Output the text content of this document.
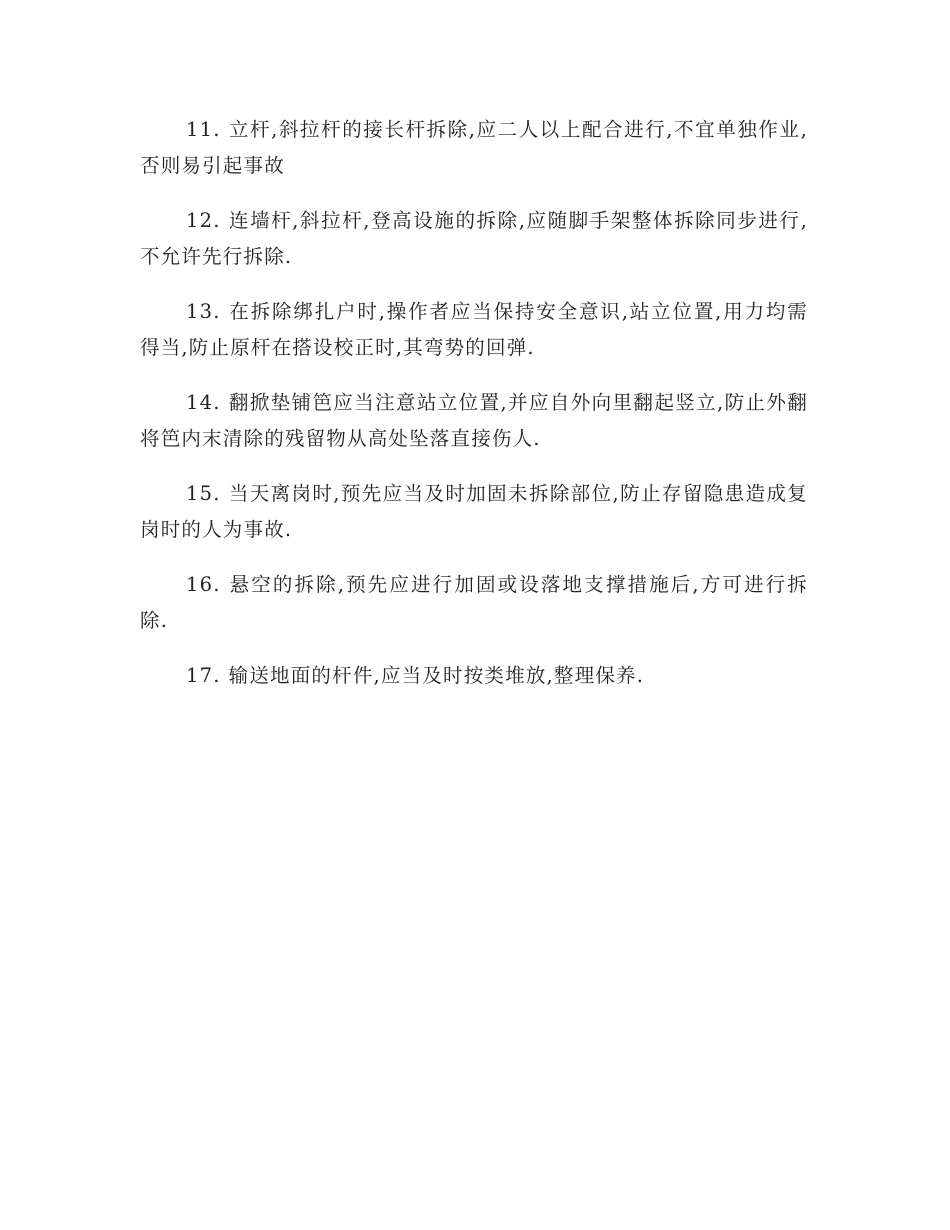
11. 立杆,斜拉杆的接长杆拆除,应二人以上配合进行,不宜单独作业,否则易引起事故

12. 连墙杆,斜拉杆,登高设施的拆除,应随脚手架整体拆除同步进行,不允许先行拆除.

13. 在拆除绑扎户时,操作者应当保持安全意识,站立位置,用力均需得当,防止原杆在搭设校正时,其弯势的回弹.

14. 翻掀垫铺笆应当注意站立位置,并应自外向里翻起竖立,防止外翻将笆内末清除的残留物从高处坠落直接伤人.

15. 当天离岗时,预先应当及时加固未拆除部位,防止存留隐患造成复岗时的人为事故.

16. 悬空的拆除,预先应进行加固或设落地支撑措施后,方可进行拆除.

17. 输送地面的杆件,应当及时按类堆放,整理保养.
